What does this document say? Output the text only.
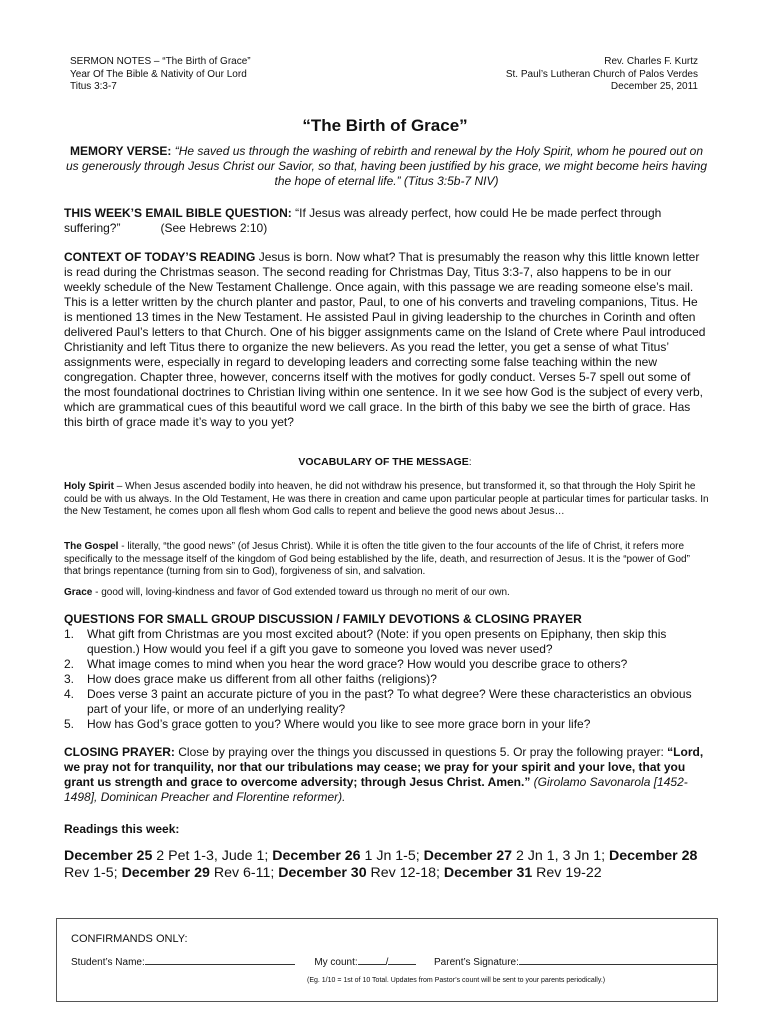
SERMON NOTES – “The Birth of Grace”
Year Of The Bible & Nativity of Our Lord
Titus 3:3-7
Rev. Charles F. Kurtz
St. Paul’s Lutheran Church of Palos Verdes
December 25, 2011
“The Birth of Grace”
MEMORY VERSE: “He saved us through the washing of rebirth and renewal by the Holy Spirit, whom he poured out on us generously through Jesus Christ our Savior, so that, having been justified by his grace, we might become heirs having the hope of eternal life.” (Titus 3:5b-7 NIV)
THIS WEEK’S EMAIL BIBLE QUESTION: “If Jesus was already perfect, how could He be made perfect through suffering?”	(See Hebrews 2:10)
CONTEXT OF TODAY’S READING Jesus is born. Now what? That is presumably the reason why this little known letter is read during the Christmas season. The second reading for Christmas Day, Titus 3:3-7, also happens to be in our weekly schedule of the New Testament Challenge. Once again, with this passage we are reading someone else’s mail. This is a letter written by the church planter and pastor, Paul, to one of his converts and traveling companions, Titus. He is mentioned 13 times in the New Testament. He assisted Paul in giving leadership to the churches in Corinth and often delivered Paul’s letters to that Church. One of his bigger assignments came on the Island of Crete where Paul introduced Christianity and left Titus there to organize the new believers. As you read the letter, you get a sense of what Titus’ assignments were, especially in regard to developing leaders and correcting some false teaching within the new congregation. Chapter three, however, concerns itself with the motives for godly conduct. Verses 5-7 spell out some of the most foundational doctrines to Christian living within one sentence. In it we see how God is the subject of every verb, which are grammatical cues of this beautiful word we call grace. In the birth of this baby we see the birth of grace. Has this birth of grace made it’s way to you yet?
VOCABULARY OF THE MESSAGE:
Holy Spirit – When Jesus ascended bodily into heaven, he did not withdraw his presence, but transformed it, so that through the Holy Spirit he could be with us always. In the Old Testament, He was there in creation and came upon particular people at particular times for particular tasks. In the New Testament, he comes upon all flesh whom God calls to repent and believe the good news about Jesus…
The Gospel - literally, “the good news” (of Jesus Christ). While it is often the title given to the four accounts of the life of Christ, it refers more specifically to the message itself of the kingdom of God being established by the life, death, and resurrection of Jesus. It is the “power of God” that brings repentance (turning from sin to God), forgiveness of sin, and salvation.
Grace - good will, loving-kindness and favor of God extended toward us through no merit of our own.
QUESTIONS FOR SMALL GROUP DISCUSSION / FAMILY DEVOTIONS & CLOSING PRAYER
1. What gift from Christmas are you most excited about? (Note: if you open presents on Epiphany, then skip this question.) How would you feel if a gift you gave to someone you loved was never used?
2. What image comes to mind when you hear the word grace? How would you describe grace to others?
3. How does grace make us different from all other faiths (religions)?
4. Does verse 3 paint an accurate picture of you in the past? To what degree? Were these characteristics an obvious part of your life, or more of an underlying reality?
5. How has God’s grace gotten to you? Where would you like to see more grace born in your life?
CLOSING PRAYER: Close by praying over the things you discussed in questions 5. Or pray the following prayer: “Lord, we pray not for tranquility, nor that our tribulations may cease; we pray for your spirit and your love, that you grant us strength and grace to overcome adversity; through Jesus Christ. Amen.” (Girolamo Savonarola [1452-1498], Dominican Preacher and Florentine reformer).
Readings this week:
December 25 2 Pet 1-3, Jude 1; December 26 1 Jn 1-5; December 27 2 Jn 1, 3 Jn 1; December 28 Rev 1-5; December 29 Rev 6-11; December 30 Rev 12-18; December 31 Rev 19-22
CONFIRMANDS ONLY:
Student’s Name:	My count:	/	Parent’s Signature:
(Eg. 1/10 = 1st of 10 Total. Updates from Pastor’s count will be sent to your parents periodically.)
